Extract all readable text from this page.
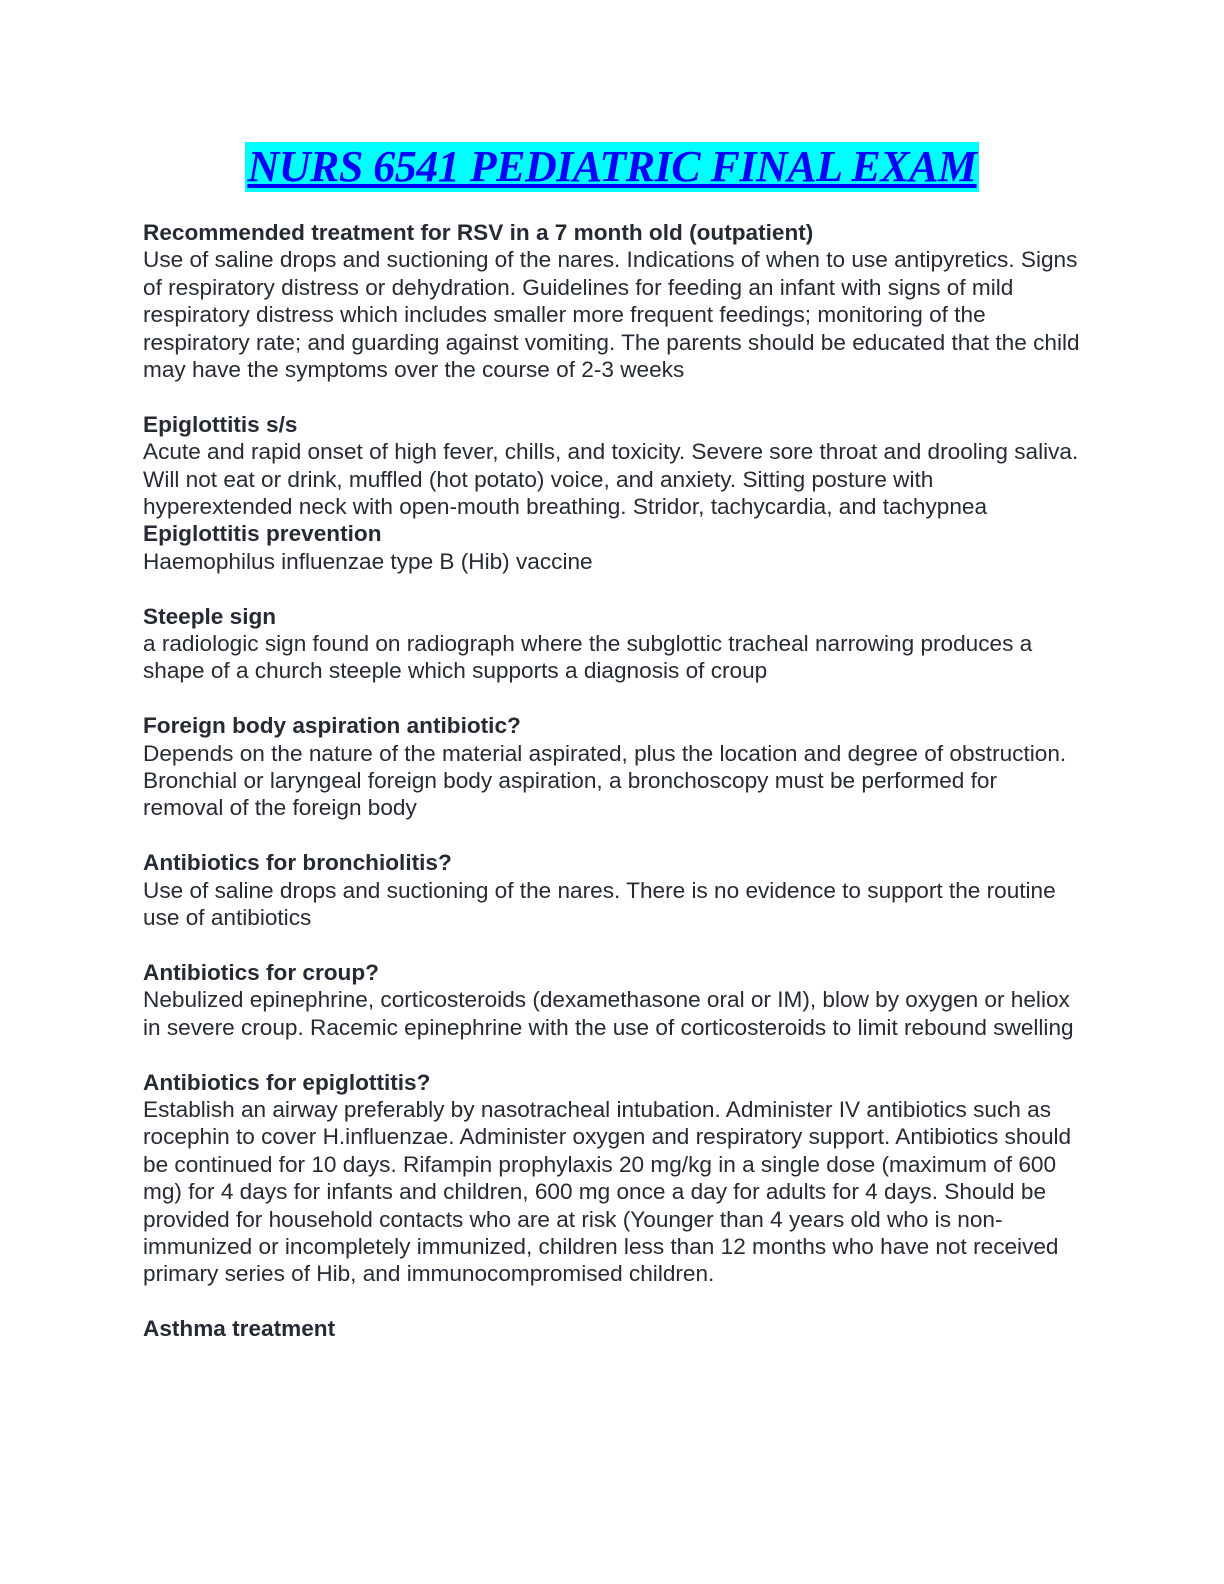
NURS 6541 PEDIATRIC FINAL EXAM

Recommended treatment for RSV in a 7 month old (outpatient)

Use of saline drops and suctioning of the nares. Indications of when to use antipyretics. Signs of respiratory distress or dehydration. Guidelines for feeding an infant with signs of mild respiratory distress which includes smaller more frequent feedings; monitoring of the respiratory rate; and guarding against vomiting. The parents should be educated that the child may have the symptoms over the course of 2-3 weeks

Epiglottitis s/s

Acute and rapid onset of high fever, chills, and toxicity. Severe sore throat and drooling saliva. Will not eat or drink, muffled (hot potato) voice, and anxiety. Sitting posture with hyperextended neck with open-mouth breathing. Stridor, tachycardia, and tachypnea

Epiglottitis prevention

Haemophilus influenzae type B (Hib) vaccine

Steeple sign

a radiologic sign found on radiograph where the subglottic tracheal narrowing produces a shape of a church steeple which supports a diagnosis of croup

Foreign body aspiration antibiotic?

Depends on the nature of the material aspirated, plus the location and degree of obstruction. Bronchial or laryngeal foreign body aspiration, a bronchoscopy must be performed for removal of the foreign body

Antibiotics for bronchiolitis?

Use of saline drops and suctioning of the nares. There is no evidence to support the routine use of antibiotics

Antibiotics for croup?

Nebulized epinephrine, corticosteroids (dexamethasone oral or IM), blow by oxygen or heliox in severe croup. Racemic epinephrine with the use of corticosteroids to limit rebound swelling

Antibiotics for epiglottitis?

Establish an airway preferably by nasotracheal intubation. Administer IV antibiotics such as rocephin to cover H.influenzae. Administer oxygen and respiratory support. Antibiotics should be continued for 10 days. Rifampin prophylaxis 20 mg/kg in a single dose (maximum of 600 mg) for 4 days for infants and children, 600 mg once a day for adults for 4 days. Should be provided for household contacts who are at risk (Younger than 4 years old who is non-immunized or incompletely immunized, children less than 12 months who have not received primary series of Hib, and immunocompromised children.

Asthma treatment
